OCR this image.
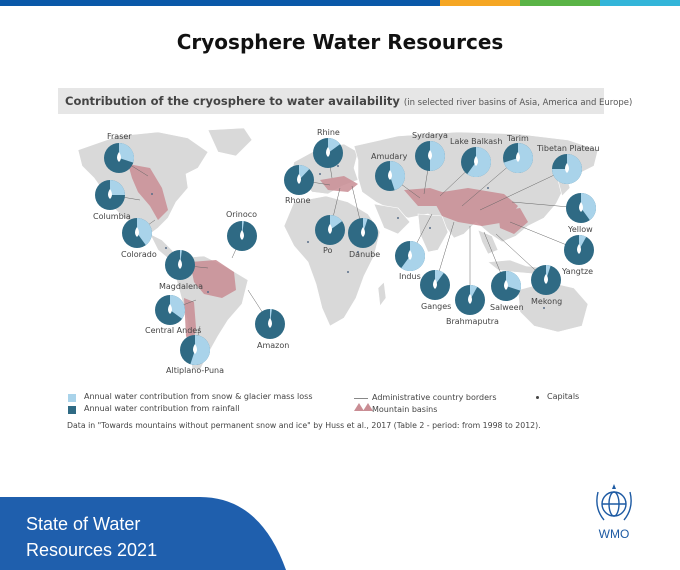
Cryosphere Water Resources
Contribution of the cryosphere to water availability (in selected river basins of Asia, America and Europe)
Fraser
Columbia
Colorado
Orinoco
Magdalena
Central Andes
Altiplano-Puna
Amazon
Rhine
Rhone
Po Danube
Amudary
Syrdarya
Lake Balkash Tarim
Tibetan Plateau
Indus
Ganges
Brahmaputra
Salween
Mekong
Yangtze
Yellow
Annual water contribution from snow & glacier mass loss
Annual water contribution from rainfall
Administrative country borders
Mountain basins
Capitals
Data in "Towards mountains without permanent snow and ice" by Huss et al., 2017 (Table 2 - period: from 1998 to 2012).
State of Water
Resources 2021
WMO
